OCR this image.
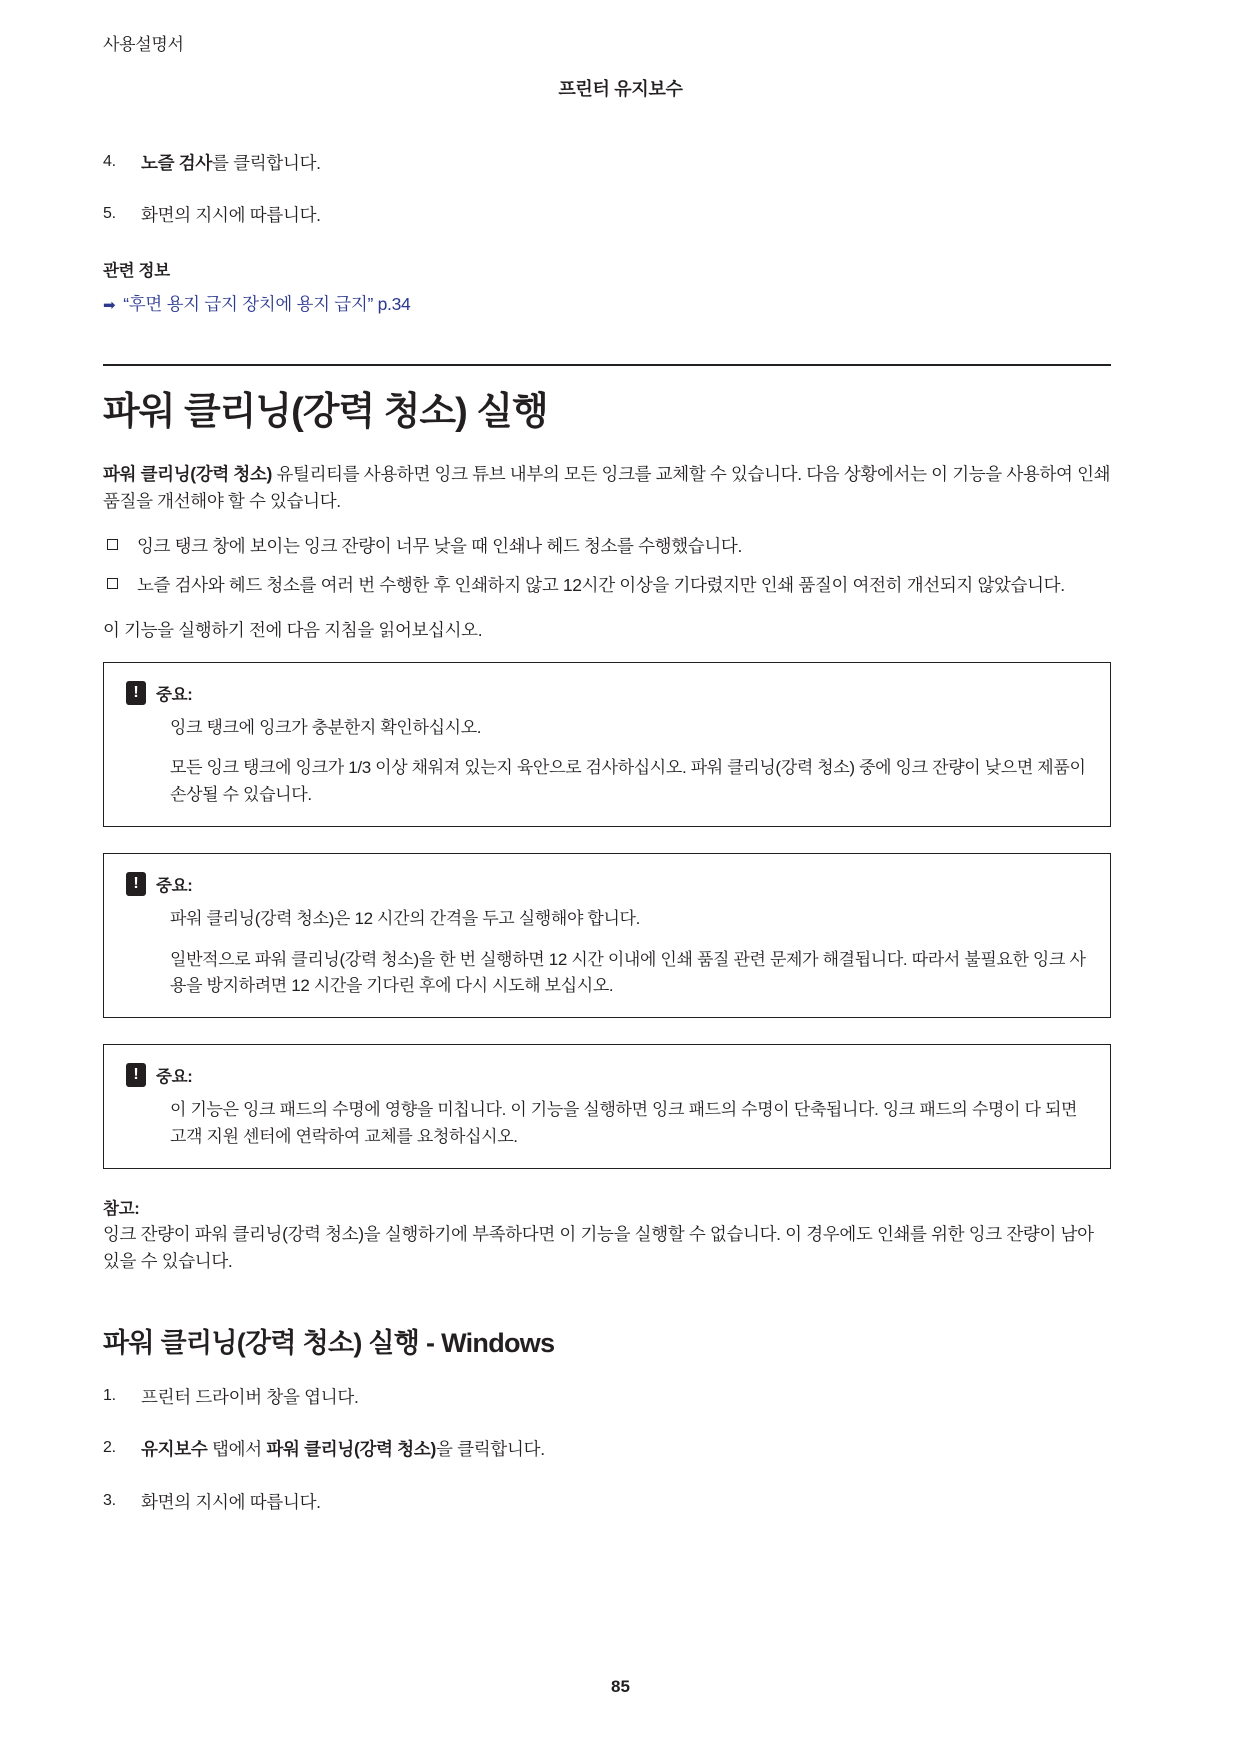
사용설명서
프린터 유지보수
4. 노즐 검사를 클릭합니다.
5. 화면의 지시에 따릅니다.
관련 정보
➡ “후면 용지 급지 장치에 용지 급지” p.34
파워 클리닝(강력 청소) 실행

파워 클리닝(강력 청소) 유틸리티를 사용하면 잉크 튜브 내부의 모든 잉크를 교체할 수 있습니다. 다음 상황에서는 이 기능을 사용하여 인쇄 품질을 개선해야 할 수 있습니다.

잉크 탱크 창에 보이는 잉크 잔량이 너무 낮을 때 인쇄나 헤드 청소를 수행했습니다.
노즐 검사와 헤드 청소를 여러 번 수행한 후 인쇄하지 않고 12시간 이상을 기다렸지만 인쇄 품질이 여전히 개선되지 않았습니다.

이 기능을 실행하기 전에 다음 지침을 읽어보십시오.

!	중요:

잉크 탱크에 잉크가 충분한지 확인하십시오.

모든 잉크 탱크에 잉크가 1/3 이상 채워져 있는지 육안으로 검사하십시오. 파워 클리닝(강력 청소) 중에 잉크 잔량이 낮으면 제품이 손상될 수 있습니다.

!	중요:

파워 클리닝(강력 청소)은 12 시간의 간격을 두고 실행해야 합니다.

일반적으로 파워 클리닝(강력 청소)을 한 번 실행하면 12 시간 이내에 인쇄 품질 관련 문제가 해결됩니다. 따라서 불필요한 잉크 사용을 방지하려면 12 시간을 기다린 후에 다시 시도해 보십시오.

!	중요:

이 기능은 잉크 패드의 수명에 영향을 미칩니다. 이 기능을 실행하면 잉크 패드의 수명이 단축됩니다. 잉크 패드의 수명이 다 되면 고객 지원 센터에 연락하여 교체를 요청하십시오.

참고:
잉크 잔량이 파워 클리닝(강력 청소)을 실행하기에 부족하다면 이 기능을 실행할 수 없습니다. 이 경우에도 인쇄를 위한 잉크 잔량이 남아 있을 수 있습니다.
파워 클리닝(강력 청소) 실행 - Windows
1. 프린터 드라이버 창을 엽니다.
2. 유지보수 탭에서 파워 클리닝(강력 청소)을 클릭합니다.
3. 화면의 지시에 따릅니다.
85
